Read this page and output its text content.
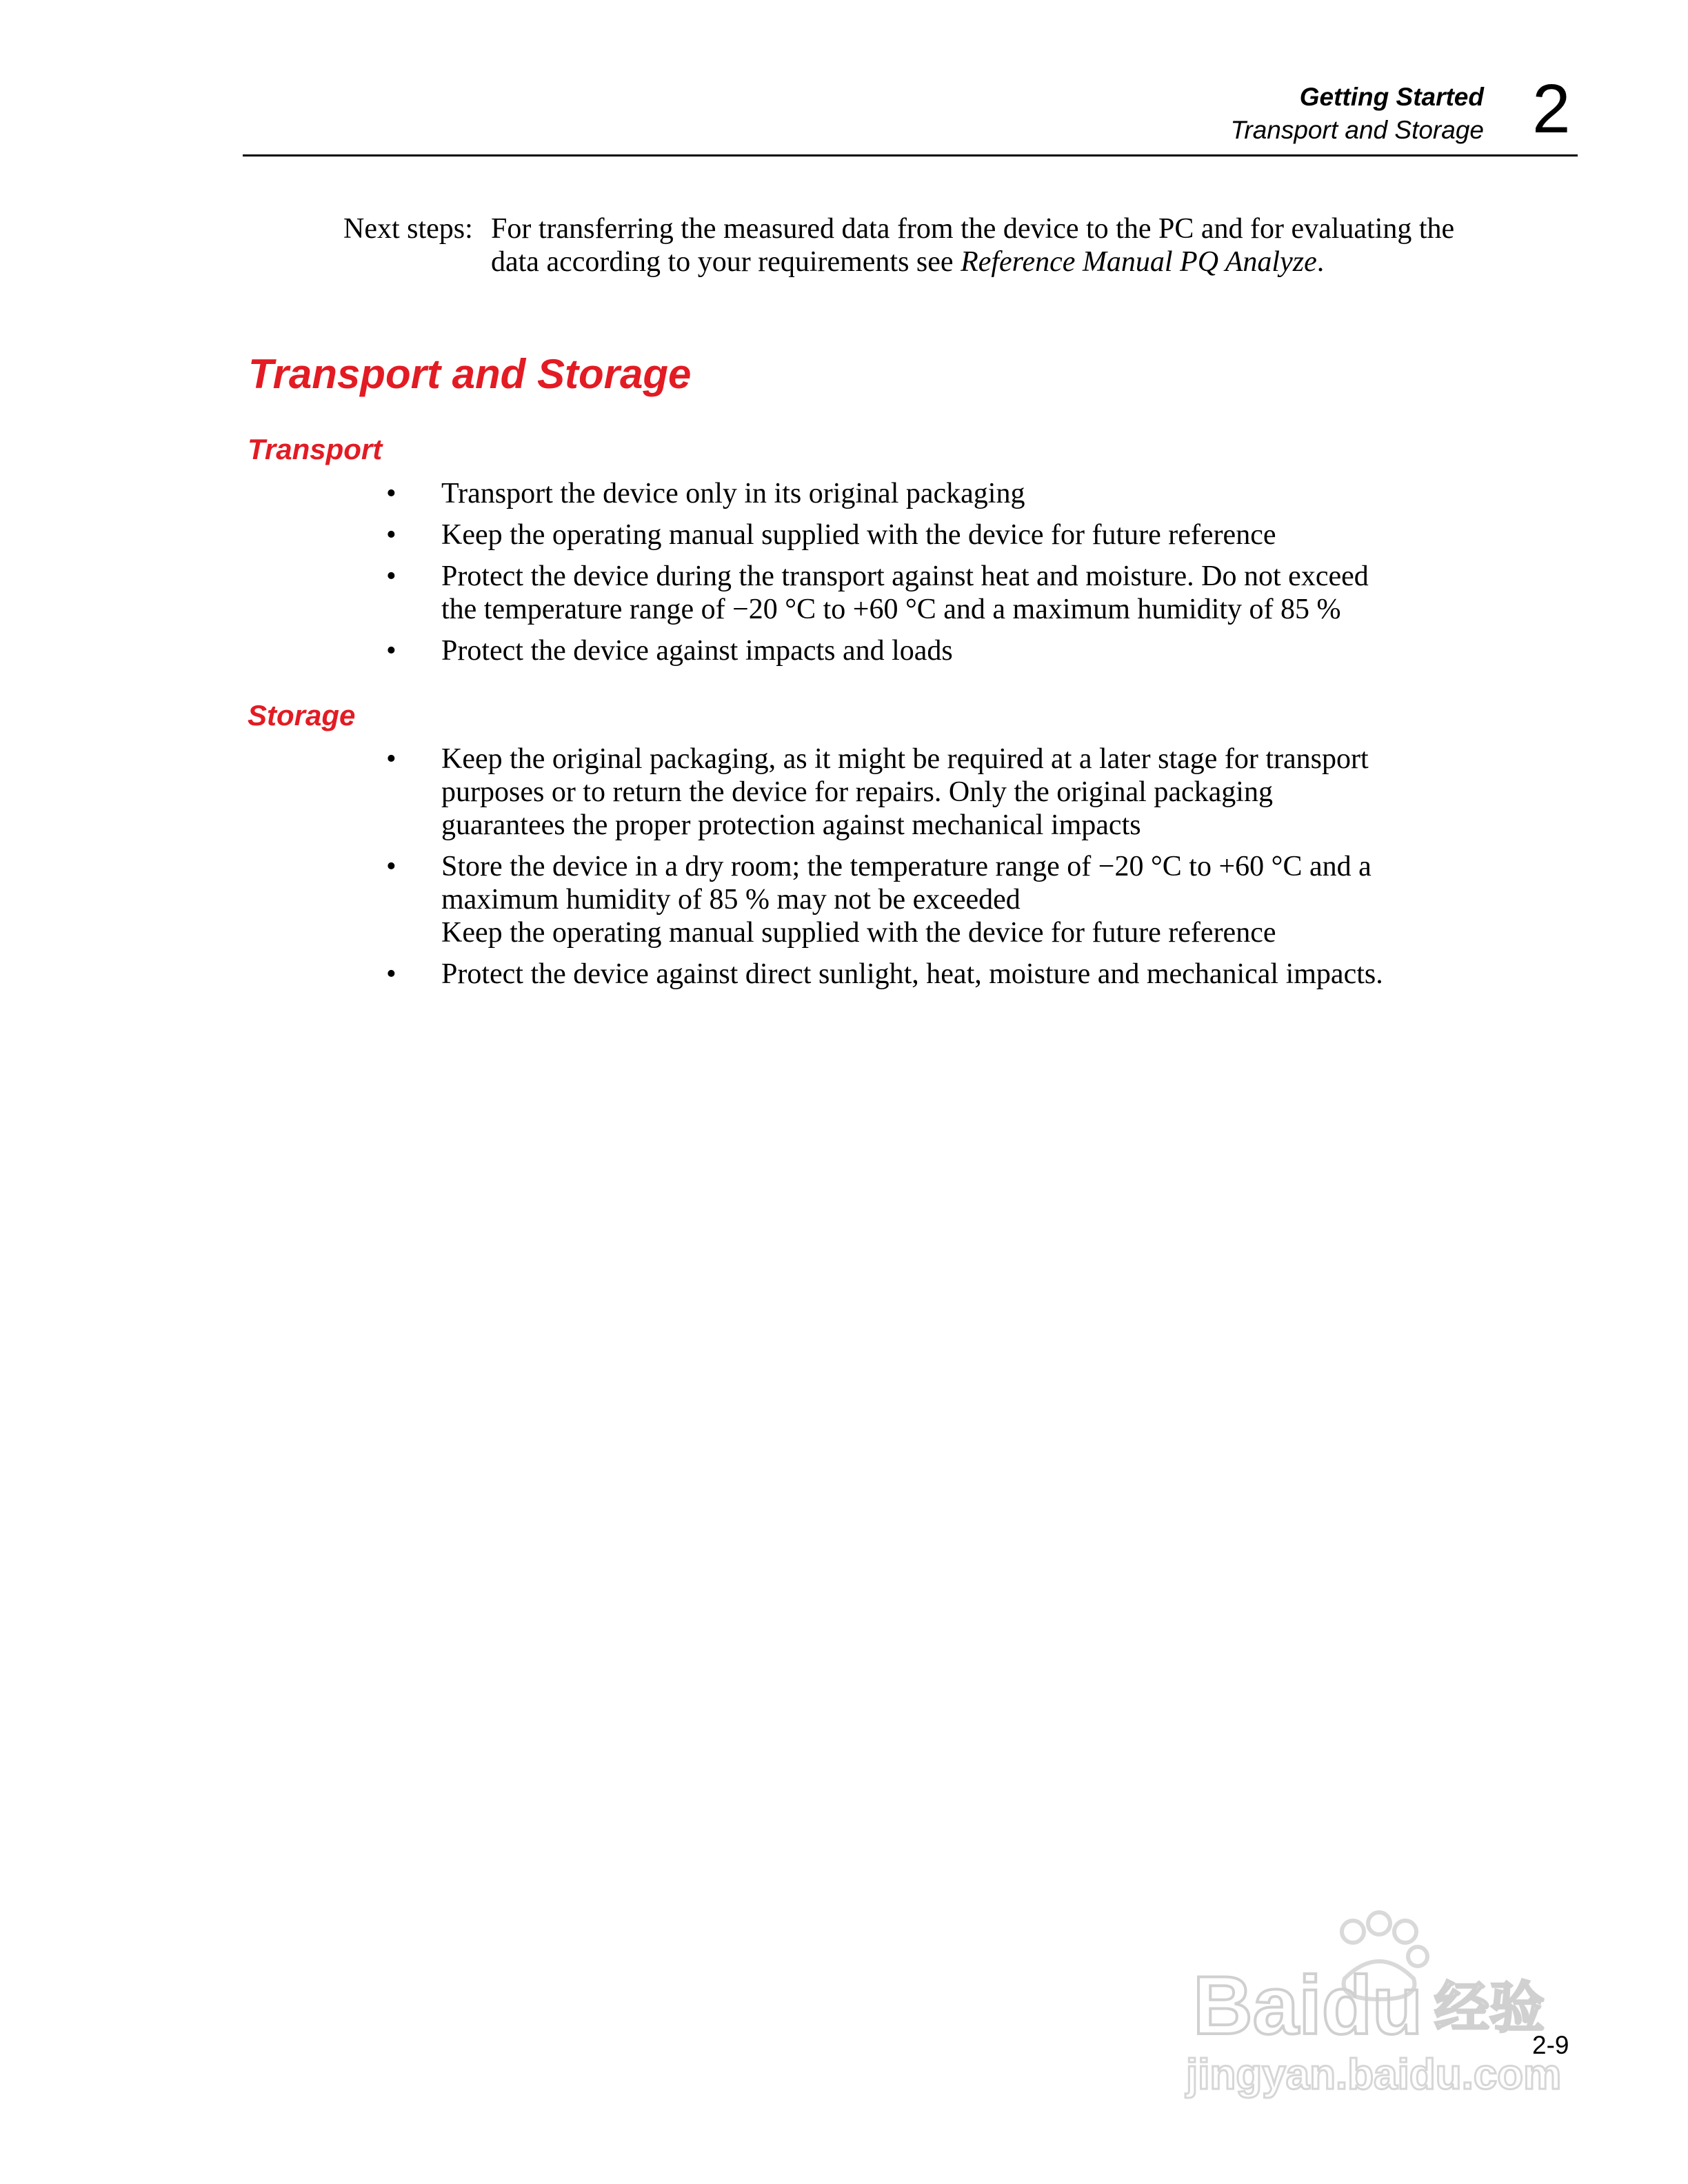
Getting Started
Transport and Storage 2
Next steps: For transferring the measured data from the device to the PC and for evaluating the data according to your requirements see Reference Manual PQ Analyze.
Transport and Storage
Transport
• Transport the device only in its original packaging
• Keep the operating manual supplied with the device for future reference
• Protect the device during the transport against heat and moisture. Do not exceed
the temperature range of −20 °C to +60 °C and a maximum humidity of 85 %
• Protect the device against impacts and loads
Storage
• Keep the original packaging, as it might be required at a later stage for transport
purposes or to return the device for repairs. Only the original packaging
guarantees the proper protection against mechanical impacts
• Store the device in a dry room; the temperature range of −20 °C to +60 °C and a
maximum humidity of 85 % may not be exceeded
Keep the operating manual supplied with the device for future reference
• Protect the device against direct sunlight, heat, moisture and mechanical impacts.
2-9
Baidu 经验
jingyan.baidu.com
